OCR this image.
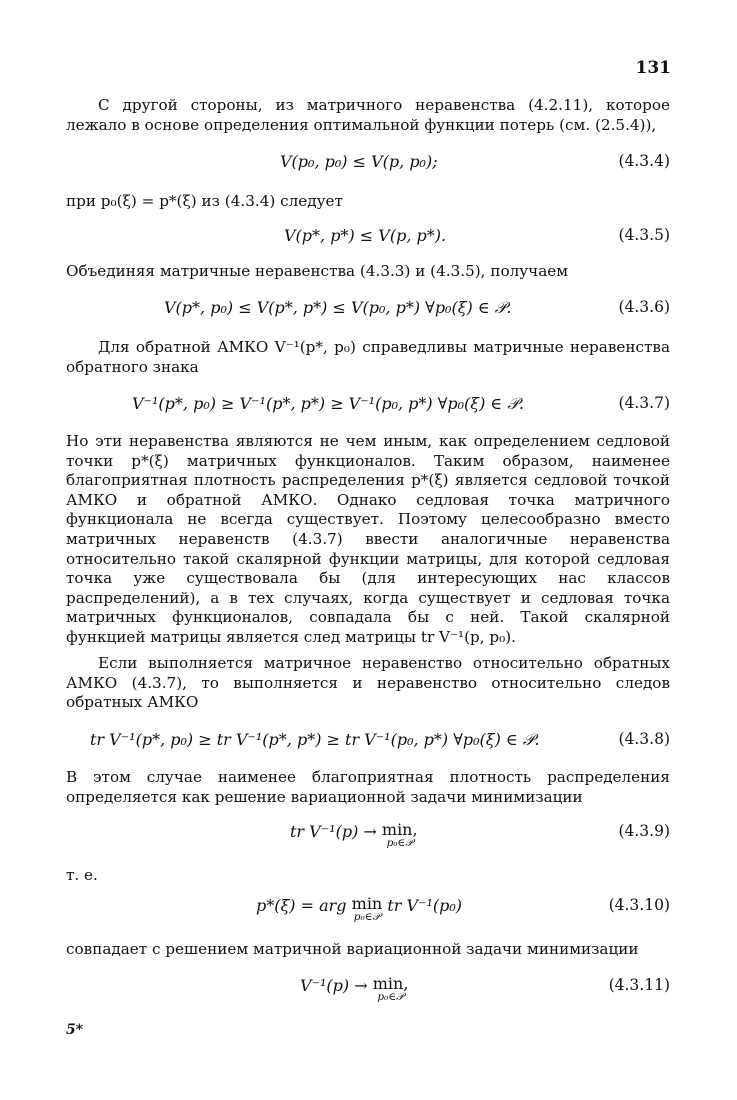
131
С другой стороны, из матричного неравенства (4.2.11), которое лежало в основе определения оптимальной функции потерь (см. (2.5.4)),
V(p₀, p₀) ≤ V(p, p₀);	(4.3.4)
при p₀(ξ) = p*(ξ) из (4.3.4) следует
V(p*, p*) ≤ V(p, p*).	(4.3.5)
Объединяя матричные неравенства (4.3.3) и (4.3.5), получаем
V(p*, p₀) ≤ V(p*, p*) ≤ V(p₀, p*) ∀p₀(ξ) ∈ 𝒫.	(4.3.6)
Для обратной АМКО V⁻¹(p*, p₀) справедливы матричные неравенства обратного знака
V⁻¹(p*, p₀) ≥ V⁻¹(p*, p*) ≥ V⁻¹(p₀, p*) ∀p₀(ξ) ∈ 𝒫.	(4.3.7)
Но эти неравенства являются не чем иным, как определением седловой точки p*(ξ) матричных функционалов. Таким образом, наименее благоприятная плотность распределения p*(ξ) является седловой точкой АМКО и обратной АМКО. Однако седловая точка матричного функционала не всегда существует. Поэтому целесообразно вместо матричных неравенств (4.3.7) ввести аналогичные неравенства относительно такой скалярной функции матрицы, для которой седловая точка уже существовала бы (для интересующих нас классов распределений), а в тех случаях, когда существует и седловая точка матричных функционалов, совпадала бы с ней. Такой скалярной функцией матрицы является след матрицы tr V⁻¹(p, p₀).
Если выполняется матричное неравенство относительно обратных АМКО (4.3.7), то выполняется и неравенство относительно следов обратных АМКО
tr V⁻¹(p*, p₀) ≥ tr V⁻¹(p*, p*) ≥ tr V⁻¹(p₀, p*) ∀p₀(ξ) ∈ 𝒫.	(4.3.8)
В этом случае наименее благоприятная плотность распределения определяется как решение вариационной задачи минимизации
tr V⁻¹(p) → min,
p₀∈𝒫
(4.3.9)
т. е.
p*(ξ) = arg min
p₀∈𝒫
tr V⁻¹(p₀)	(4.3.10)
совпадает с решением матричной вариационной задачи минимизации
V⁻¹(p) → min,
p₀∈𝒫
(4.3.11)
5*
